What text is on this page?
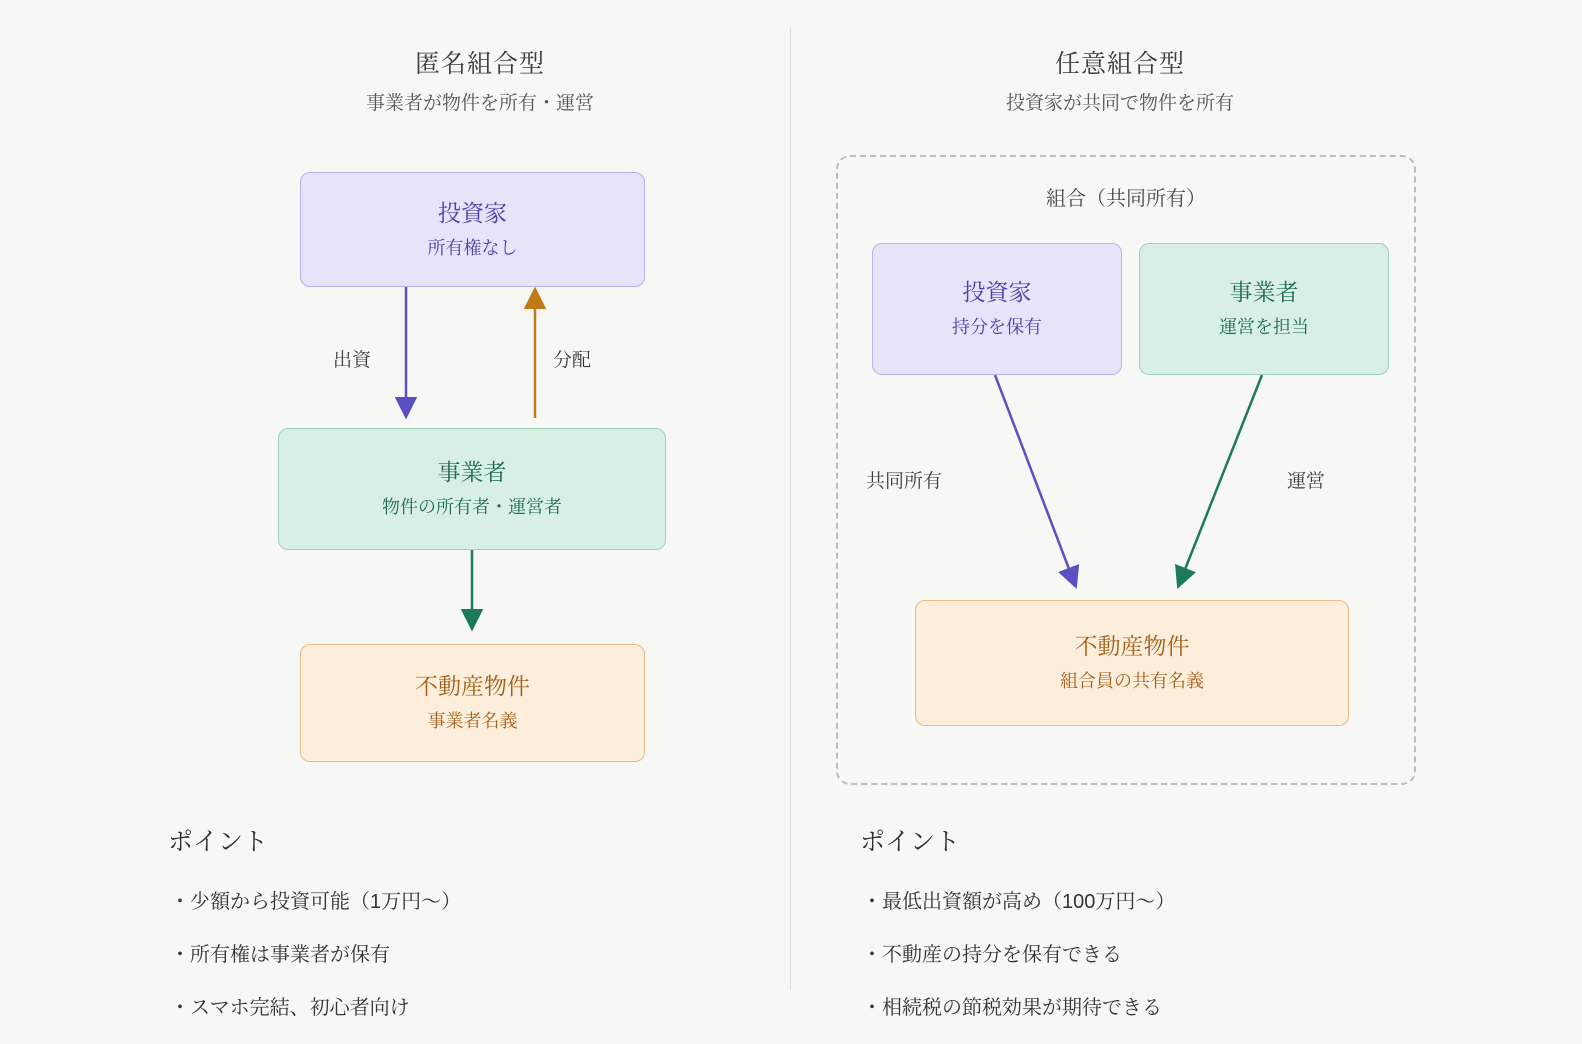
匿名組合型
事業者が物件を所有・運営
投資家
所有権なし
事業者
物件の所有者・運営者
不動産物件
事業者名義
出資	分配
ポイント
・少額から投資可能（1万円〜）
・所有権は事業者が保有
・スマホ完結、初心者向け
任意組合型
投資家が共同で物件を所有
組合（共同所有）
投資家
持分を保有
事業者
運営を担当
不動産物件
組合員の共有名義
共同所有	運営
ポイント
・最低出資額が高め（100万円〜）
・不動産の持分を保有できる
・相続税の節税効果が期待できる
